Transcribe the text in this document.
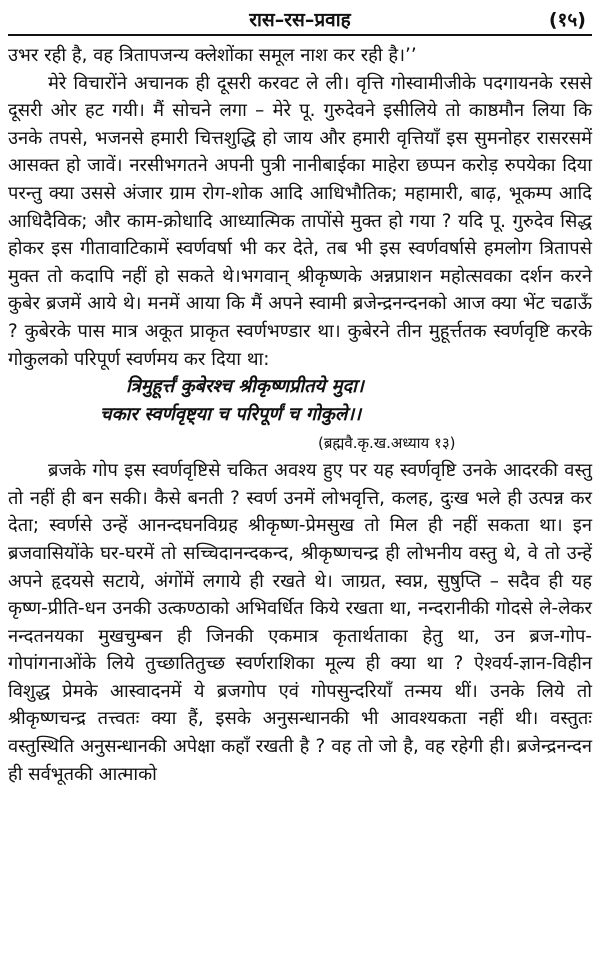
रास–रस–प्रवाह	(१५)

उभर रही है, वह त्रितापजन्य क्लेशोंका समूल नाश कर रही है।’’

मेरे विचारोंने अचानक ही दूसरी करवट ले ली। वृत्ति गोस्वामीजीके पदगायनके रससे दूसरी ओर हट गयी। मैं सोचने लगा – मेरे पू. गुरुदेवने इसीलिये तो काष्ठमौन लिया कि उनके तपसे, भजनसे हमारी चित्तशुद्धि हो जाय और हमारी वृत्तियाँ इस सुमनोहर रासरसमें आसक्त हो जावें। नरसीभगतने अपनी पुत्री नानीबाईका माहेरा छप्पन करोड़ रुपयेका दिया परन्तु क्या उससे अंजार ग्राम रोग-शोक आदि आधिभौतिक; महामारी, बाढ़, भूकम्प आदि आधिदैविक; और काम-क्रोधादि आध्यात्मिक तापोंसे मुक्त हो गया ? यदि पू. गुरुदेव सिद्ध होकर इस गीतावाटिकामें स्वर्णवर्षा भी कर देते, तब भी इस स्वर्णवर्षासे हमलोग त्रितापसे मुक्त तो कदापि नहीं हो सकते थे।भगवान् श्रीकृष्णके अन्नप्राशन महोत्सवका दर्शन करने कुबेर ब्रजमें आये थे। मनमें आया कि मैं अपने स्वामी ब्रजेन्द्रनन्दनको आज क्या भेंट चढाऊँ ? कुबेरके पास मात्र अकूत प्राकृत स्वर्णभण्डार था। कुबेरने तीन मुहूर्त्ततक स्वर्णवृष्टि करके गोकुलको परिपूर्ण स्वर्णमय कर दिया था:

त्रिमुहूर्त्तं कुबेरश्च श्रीकृष्णप्रीतये मुदा।
चकार स्वर्णवृष्ट्या च परिपूर्णं च गोकुले।।
(ब्रह्मवै.कृ.ख.अध्याय १३)

ब्रजके गोप इस स्वर्णवृष्टिसे चकित अवश्य हुए पर यह स्वर्णवृष्टि उनके आदरकी वस्तु तो नहीं ही बन सकी। कैसे बनती ? स्वर्ण उनमें लोभवृत्ति, कलह, दुःख भले ही उत्पन्न कर देता; स्वर्णसे उन्हें आनन्दघनविग्रह श्रीकृष्ण-प्रेमसुख तो मिल ही नहीं सकता था। इन ब्रजवासियोंके घर-घरमें तो सच्चिदानन्दकन्द, श्रीकृष्णचन्द्र ही लोभनीय वस्तु थे, वे तो उन्हें अपने हृदयसे सटाये, अंगोंमें लगाये ही रखते थे। जाग्रत, स्वप्न, सुषुप्ति – सदैव ही यह कृष्ण-प्रीति-धन उनकी उत्कण्ठाको अभिवर्धित किये रखता था, नन्दरानीकी गोदसे ले-लेकर नन्दतनयका मुखचुम्बन ही जिनकी एकमात्र कृतार्थताका हेतु था, उन ब्रज-गोप-गोपांगनाओंके लिये तुच्छातितुच्छ स्वर्णराशिका मूल्य ही क्या था ? ऐश्वर्य-ज्ञान-विहीन विशुद्ध प्रेमके आस्वादनमें ये ब्रजगोप एवं गोपसुन्दरियाँ तन्मय थीं। उनके लिये तो श्रीकृष्णचन्द्र तत्त्वतः क्या हैं, इसके अनुसन्धानकी भी आवश्यकता नहीं थी। वस्तुतः वस्तुस्थिति अनुसन्धानकी अपेक्षा कहाँ रखती है ? वह तो जो है, वह रहेगी ही। ब्रजेन्द्रनन्दन ही सर्वभूतकी आत्माको
